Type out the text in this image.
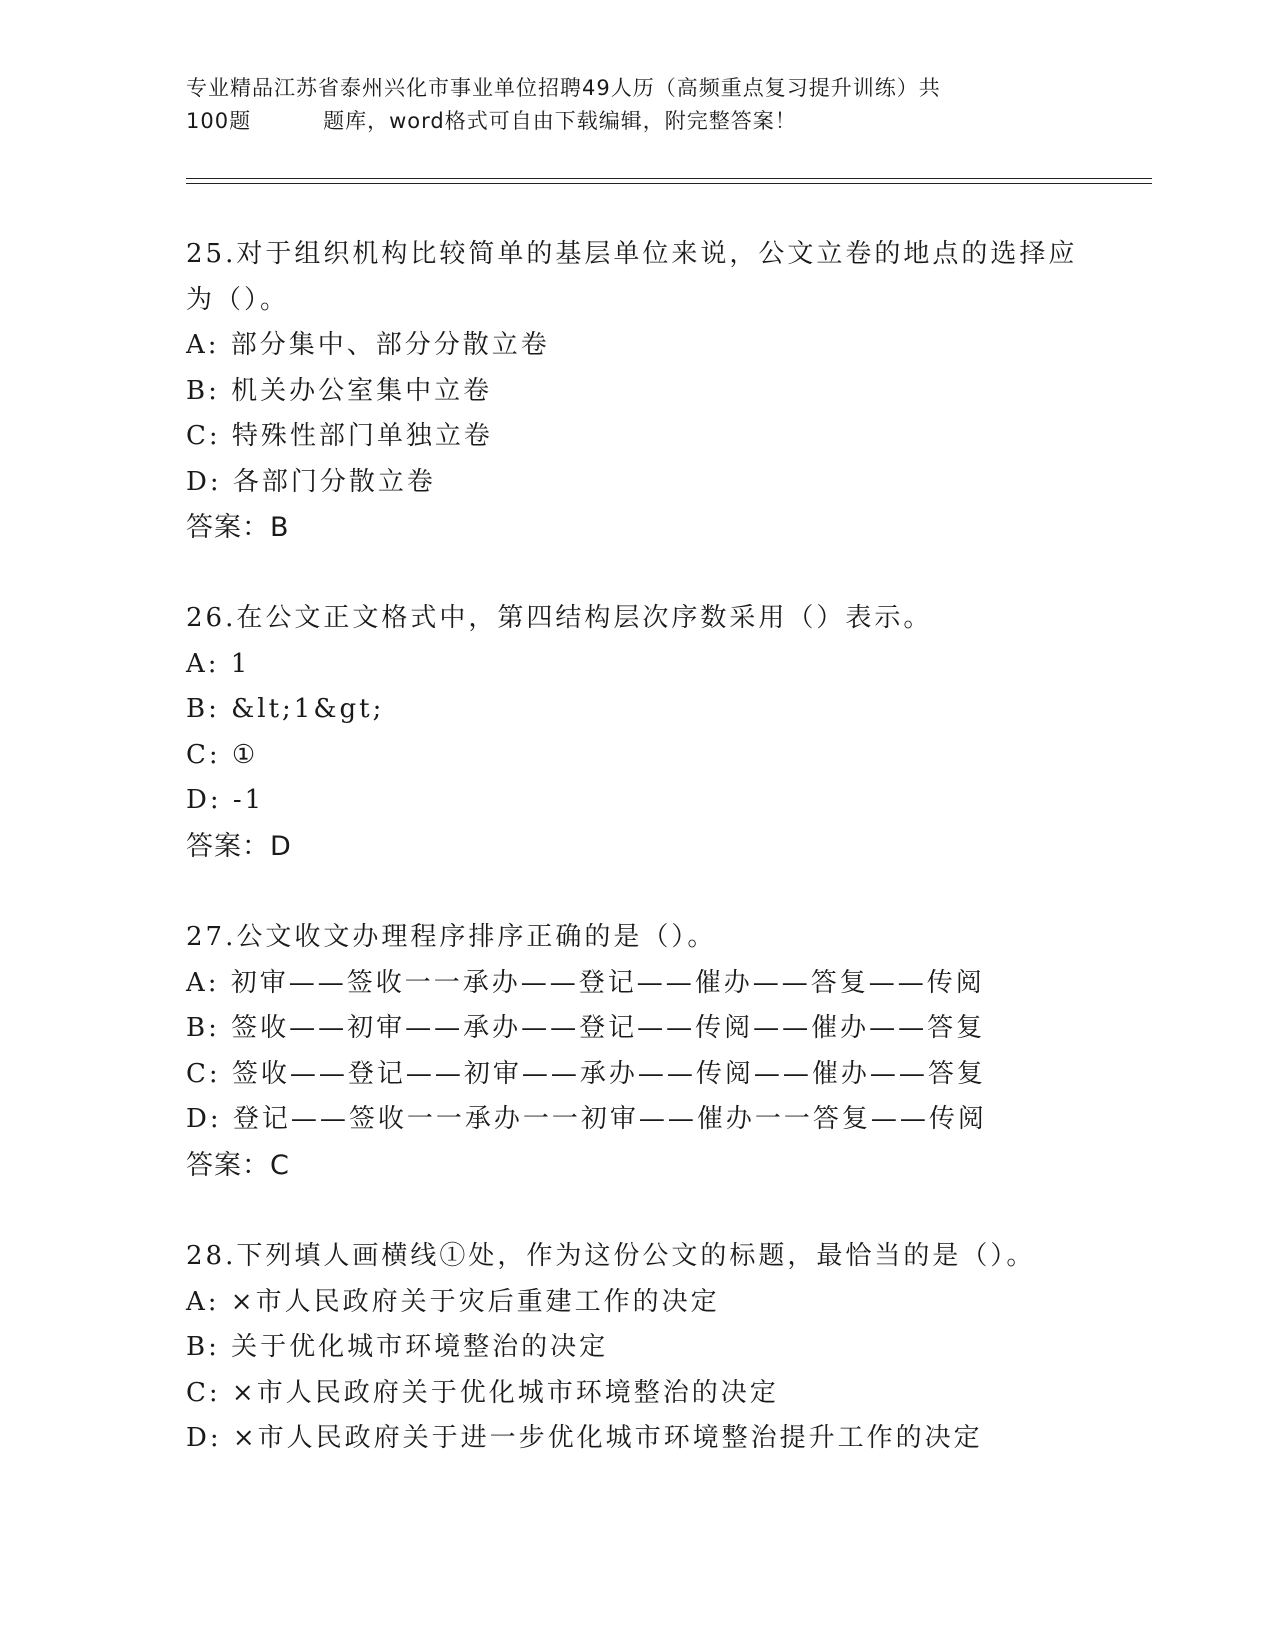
专业精品江苏省泰州兴化市事业单位招聘49人历（高频重点复习提升训练）共
100题	题库，word格式可自由下载编辑，附完整答案！
25.对于组织机构比较简单的基层单位来说，公文立卷的地点的选择应
为（）。
A: 部分集中、部分分散立卷
B: 机关办公室集中立卷
C: 特殊性部门单独立卷
D: 各部门分散立卷
答案：B
26.在公文正文格式中，第四结构层次序数采用（）表示。
A: 1
B: &lt;1&gt;
C: ①
D: -1
答案：D
27.公文收文办理程序排序正确的是（）。
A: 初审——签收一一承办——登记——催办——答复——传阅
B: 签收——初审——承办——登记——传阅——催办——答复
C: 签收——登记——初审——承办——传阅——催办——答复
D: 登记——签收一一承办一一初审——催办一一答复——传阅
答案：C
28.下列填人画横线①处，作为这份公文的标题，最恰当的是（）。
A: ×市人民政府关于灾后重建工作的决定
B: 关于优化城市环境整治的决定
C: ×市人民政府关于优化城市环境整治的决定
D: ×市人民政府关于进一步优化城市环境整治提升工作的决定
